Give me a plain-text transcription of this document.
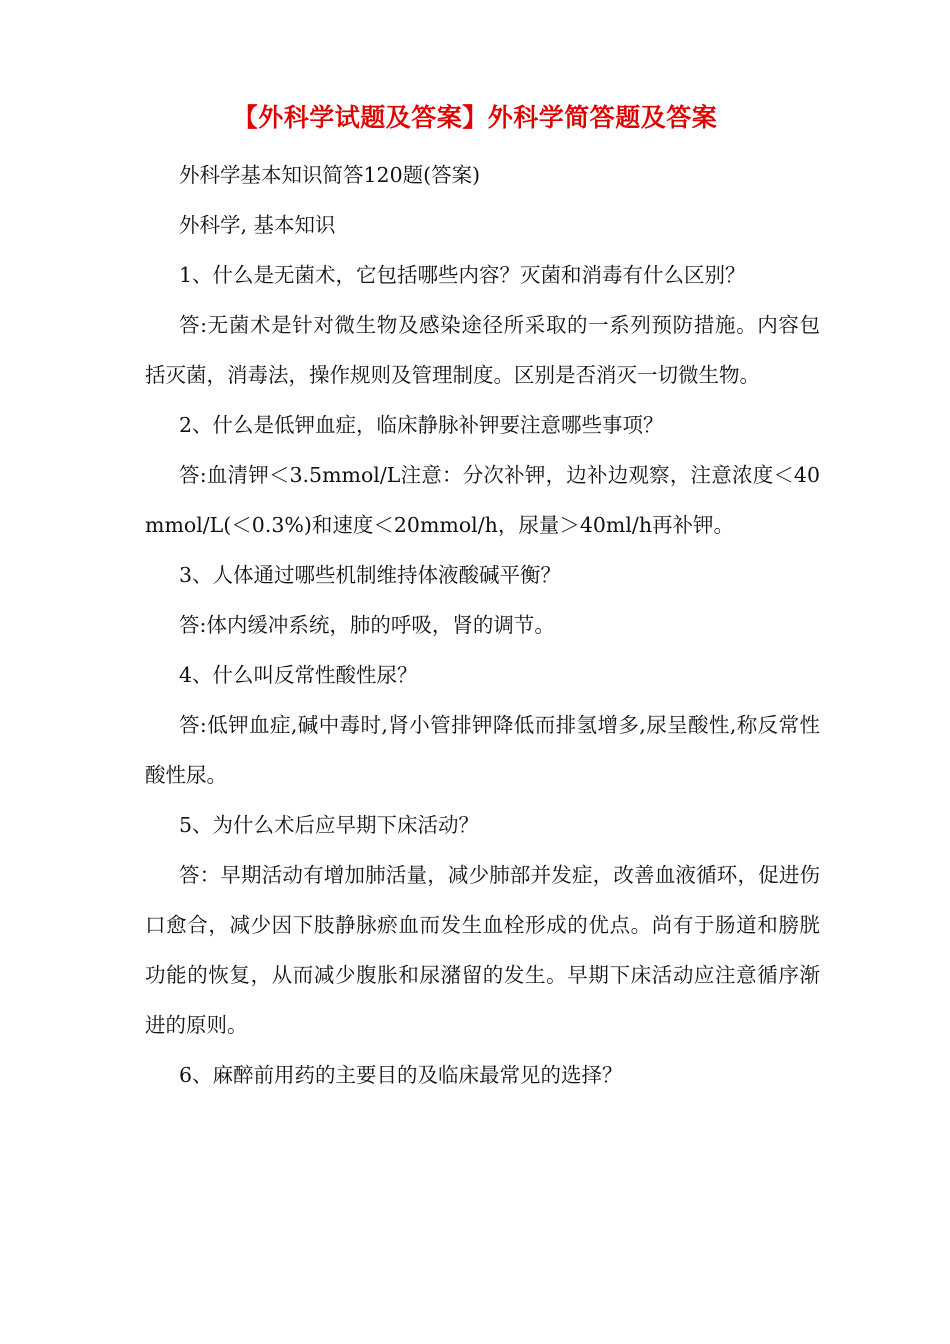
【外科学试题及答案】外科学简答题及答案

外科学基本知识简答120题(答案)

外科学, 基本知识

1、什么是无菌术，它包括哪些内容？灭菌和消毒有什么区别？

答:无菌术是针对微生物及感染途径所采取的一系列预防措施。内容包括灭菌，消毒法，操作规则及管理制度。区别是否消灭一切微生物。

2、什么是低钾血症，临床静脉补钾要注意哪些事项？

答:血清钾＜3.5mmol/L注意：分次补钾，边补边观察，注意浓度＜40mmol/L(＜0.3%)和速度＜20mmol/h，尿量＞40ml/h再补钾。

3、人体通过哪些机制维持体液酸碱平衡？

答:体内缓冲系统，肺的呼吸，肾的调节。

4、什么叫反常性酸性尿？

答:低钾血症,碱中毒时,肾小管排钾降低而排氢增多,尿呈酸性,称反常性酸性尿。

5、为什么术后应早期下床活动？

答：早期活动有增加肺活量，减少肺部并发症，改善血液循环，促进伤口愈合，减少因下肢静脉瘀血而发生血栓形成的优点。尚有于肠道和膀胱功能的恢复，从而减少腹胀和尿潴留的发生。早期下床活动应注意循序渐进的原则。

6、麻醉前用药的主要目的及临床最常见的选择？
